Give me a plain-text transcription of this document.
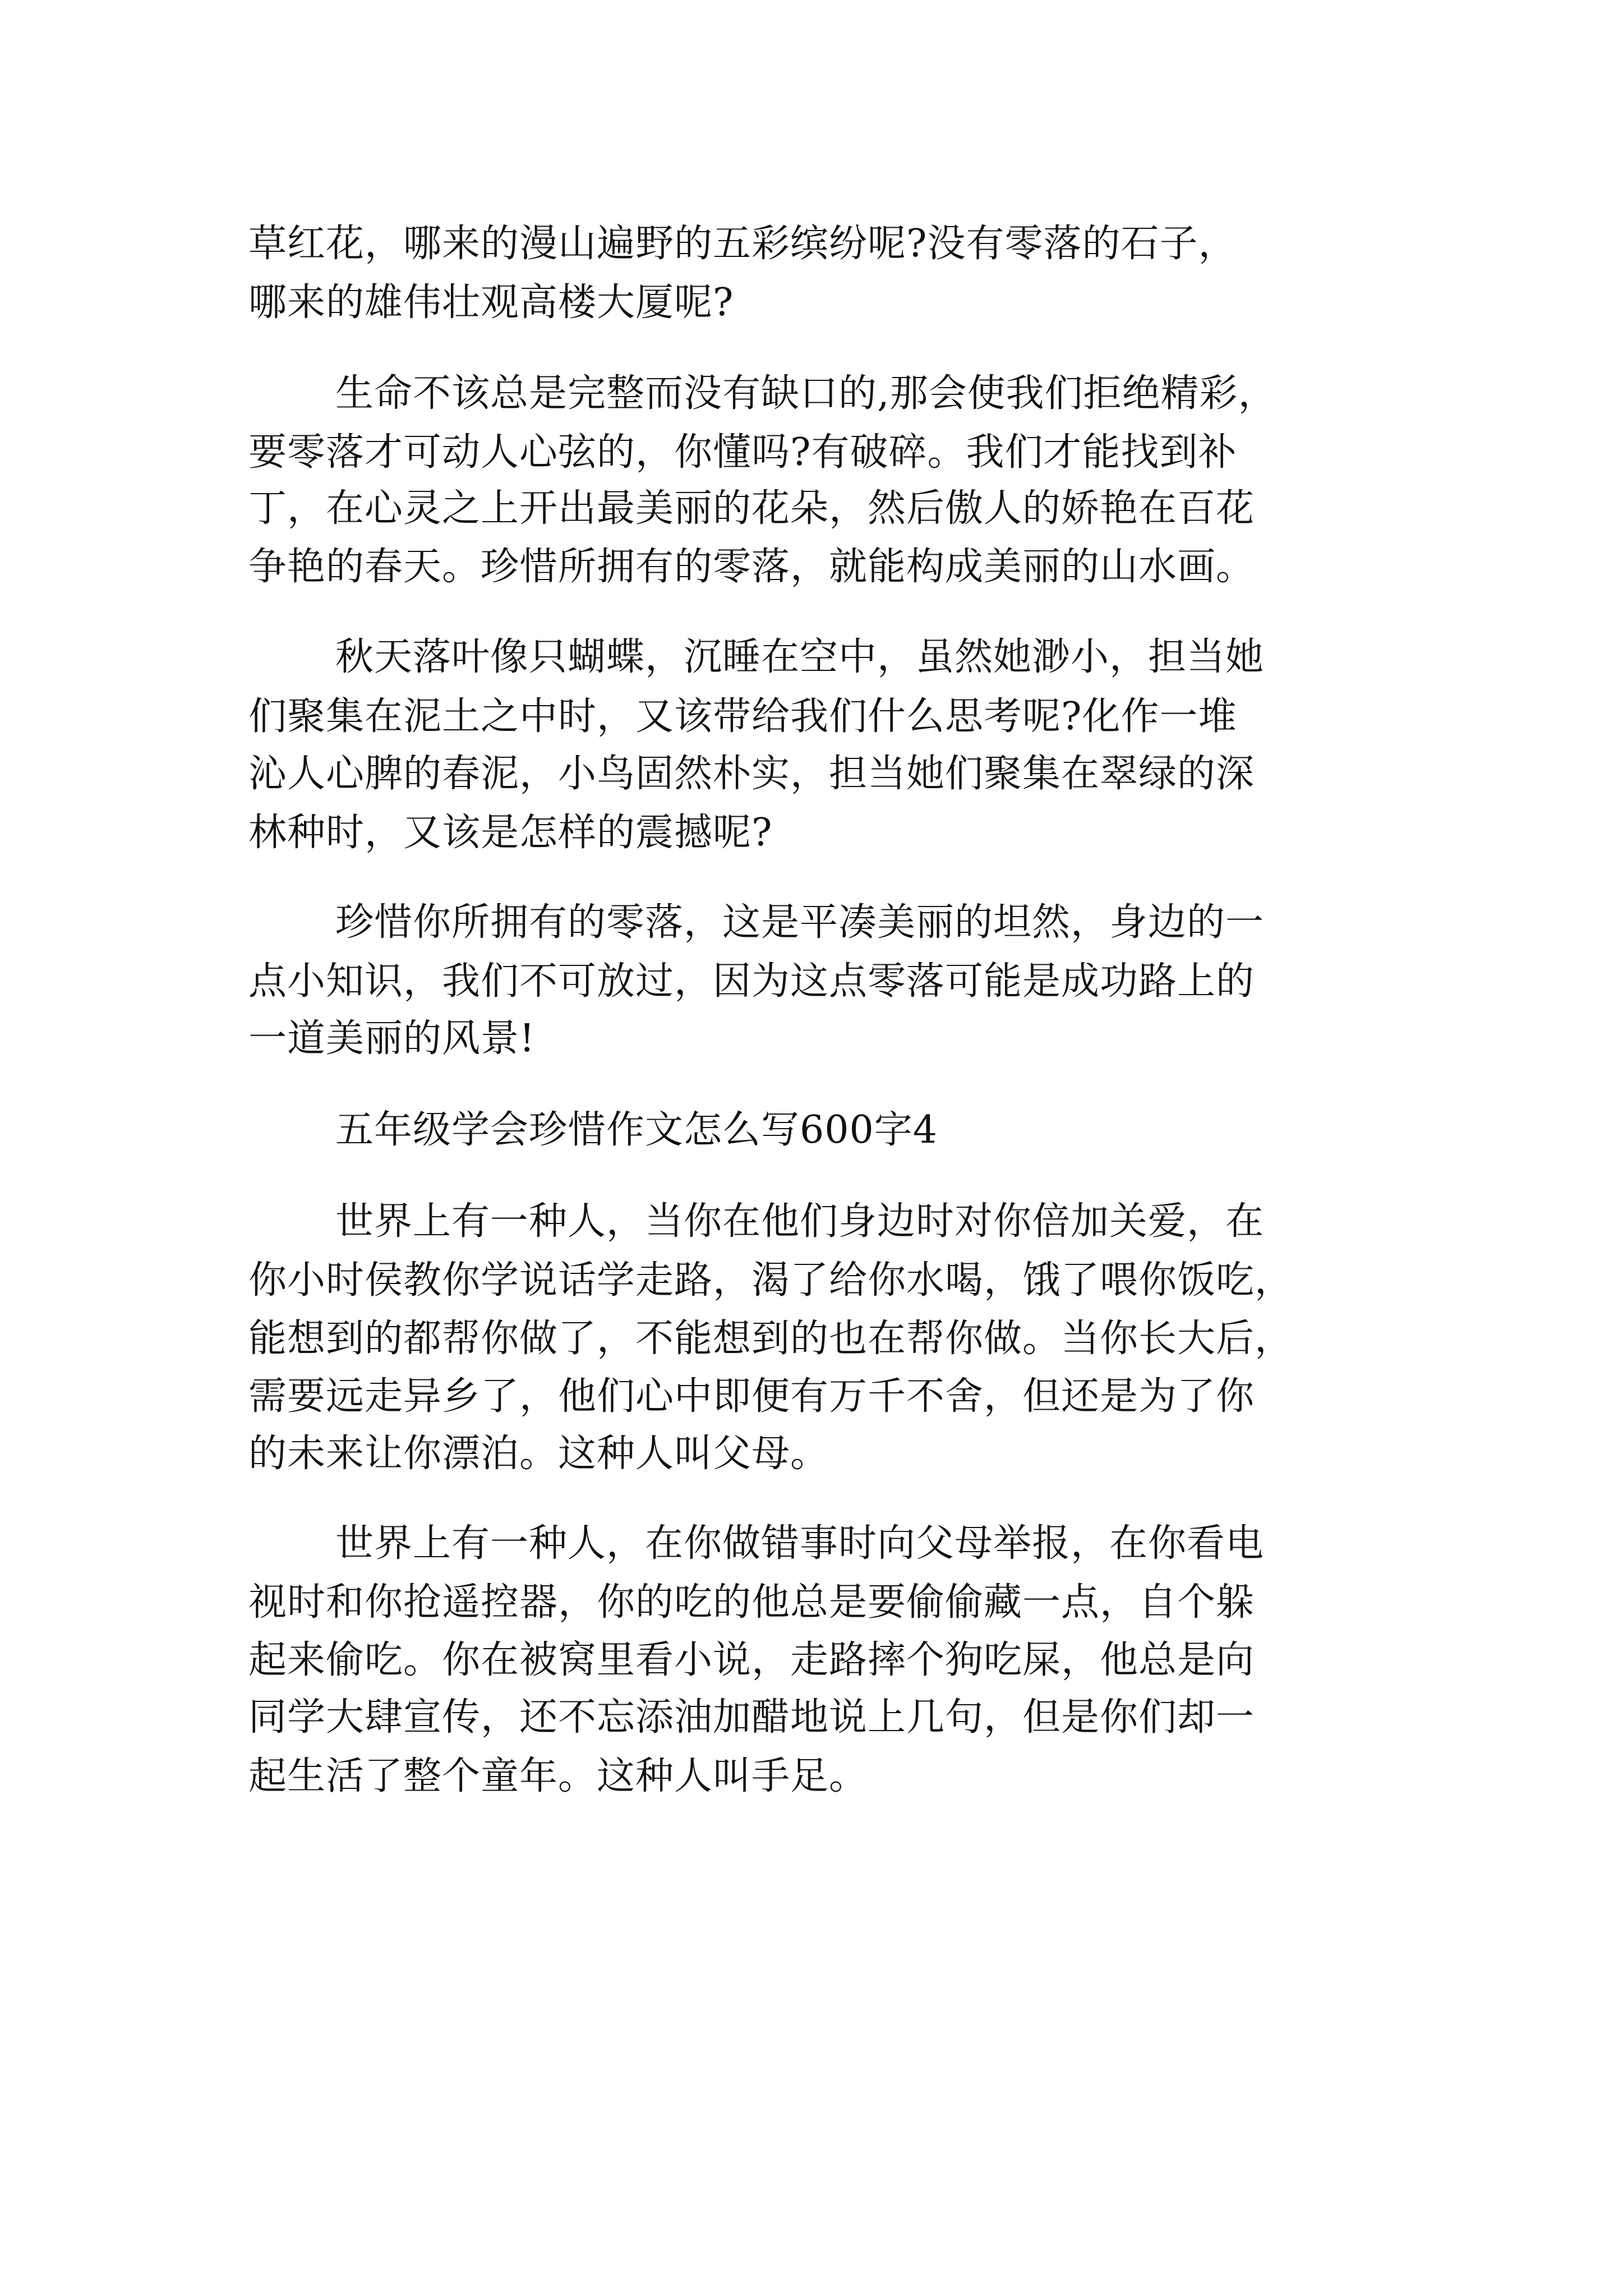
草红花，哪来的漫山遍野的五彩缤纷呢?没有零落的石子，
哪来的雄伟壮观高楼大厦呢?
生命不该总是完整而没有缺口的,那会使我们拒绝精彩，
要零落才可动人心弦的，你懂吗?有破碎。我们才能找到补
丁，在心灵之上开出最美丽的花朵，然后傲人的娇艳在百花
争艳的春天。珍惜所拥有的零落，就能构成美丽的山水画。
秋天落叶像只蝴蝶，沉睡在空中，虽然她渺小，担当她
们聚集在泥土之中时，又该带给我们什么思考呢?化作一堆
沁人心脾的春泥，小鸟固然朴实，担当她们聚集在翠绿的深
林种时，又该是怎样的震撼呢?
珍惜你所拥有的零落，这是平凑美丽的坦然，身边的一
点小知识，我们不可放过，因为这点零落可能是成功路上的
一道美丽的风景!
五年级学会珍惜作文怎么写600字4
世界上有一种人，当你在他们身边时对你倍加关爱，在
你小时侯教你学说话学走路，渴了给你水喝，饿了喂你饭吃，
能想到的都帮你做了，不能想到的也在帮你做。当你长大后，
需要远走异乡了，他们心中即便有万千不舍，但还是为了你
的未来让你漂泊。这种人叫父母。
世界上有一种人，在你做错事时向父母举报，在你看电
视时和你抢遥控器，你的吃的他总是要偷偷藏一点，自个躲
起来偷吃。你在被窝里看小说，走路摔个狗吃屎，他总是向
同学大肆宣传，还不忘添油加醋地说上几句，但是你们却一
起生活了整个童年。这种人叫手足。
